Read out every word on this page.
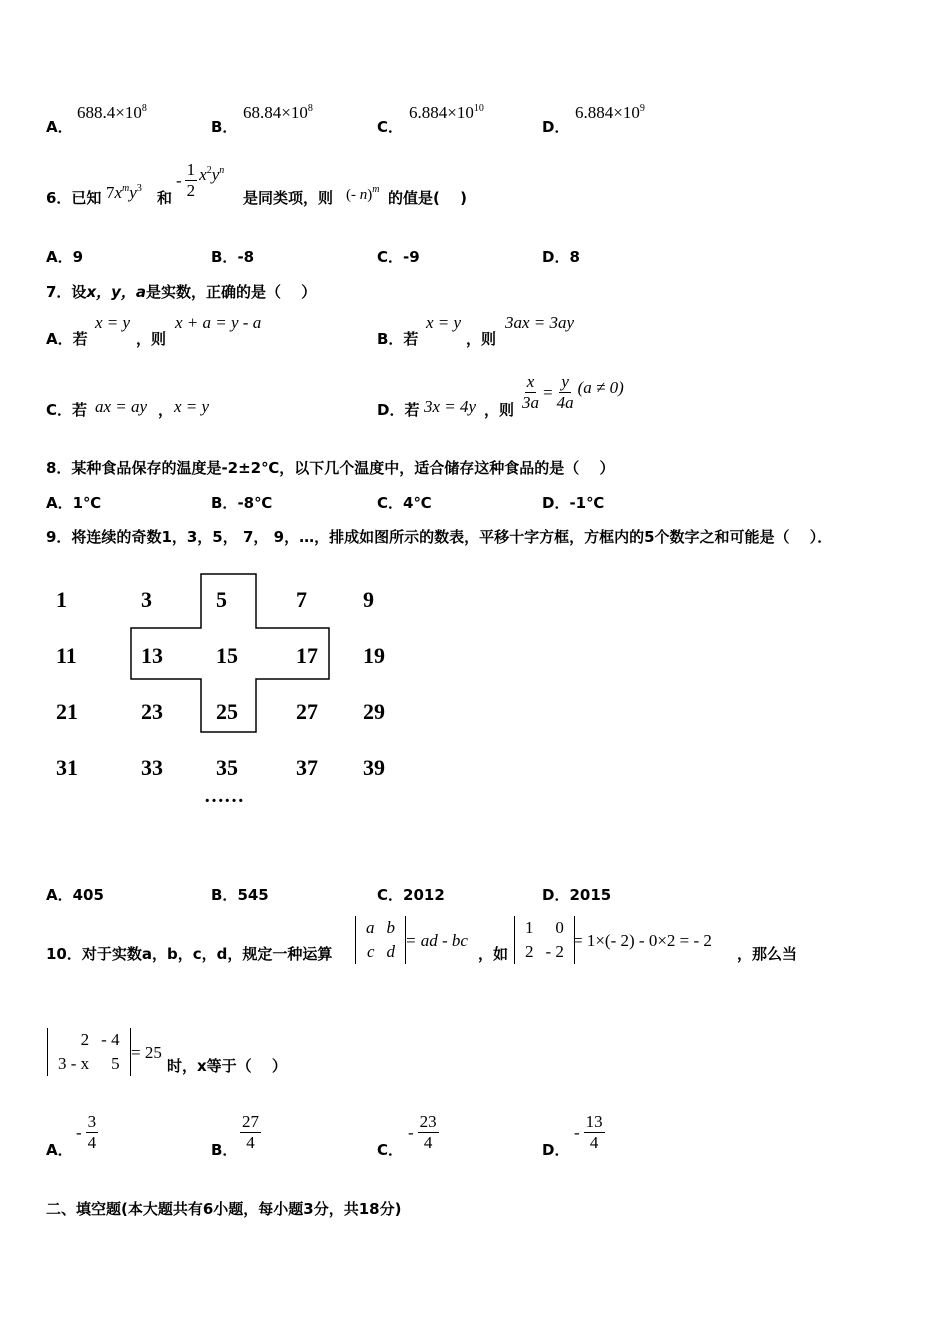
A．
$688.4\times 10^8$
B．
$68.84\times 10^8$
C．
$6.884\times 10^{10}$
D．
$6.884\times 10^9$
6．已知 $7x^my^3$
和
- $\frac{1}{2} x^2y^n$
是同类项，则 (- n)$^m$ 的值是(　 )
A．9	B．-8	C．-9	D．8
7．设x，y，a是实数，正确的是（　 ）
A．若
x = y
，则
x + a = y - a
B．若
x = y
，则
3ax = 3ay
C．若 ax = ay ， x = y	D．若 3x = 4y ，则 $\frac{x}{3a} = \frac{y}{4a} (a \ne 0)$
8．某种食品保存的温度是-2±2℃，以下几个温度中，适合储存这种食品的是（　 ）
A．1℃	B．-8℃	C．4℃	D．-1℃
9．将连续的奇数1，3，5， 7， 9，…，排成如图所示的数表，平移十字方框，方框内的5个数字之和可能是（　 ）．
1	3	5	7	9
11	13 15	17 19
21	23 25	27 29
31	33 35	37 39
……
A．405	B．545	C．2012	D．2015
10．对于实数a，b，c，d，规定一种运算
a	b
c	d
= ad - bc
，如
1	0
2	- 2
= 1×(- 2) - 0×2 = - 2
，那么当
2	- 4
3 - x	5
= 25
时，x等于（　 ）
A．
- $\frac{3}{4}$	B． $\frac{27}{4}$	C．
- $\frac{23}{4}$	D．
- $\frac{13}{4}$
二、填空题(本大题共有6小题，每小题3分，共18分)
